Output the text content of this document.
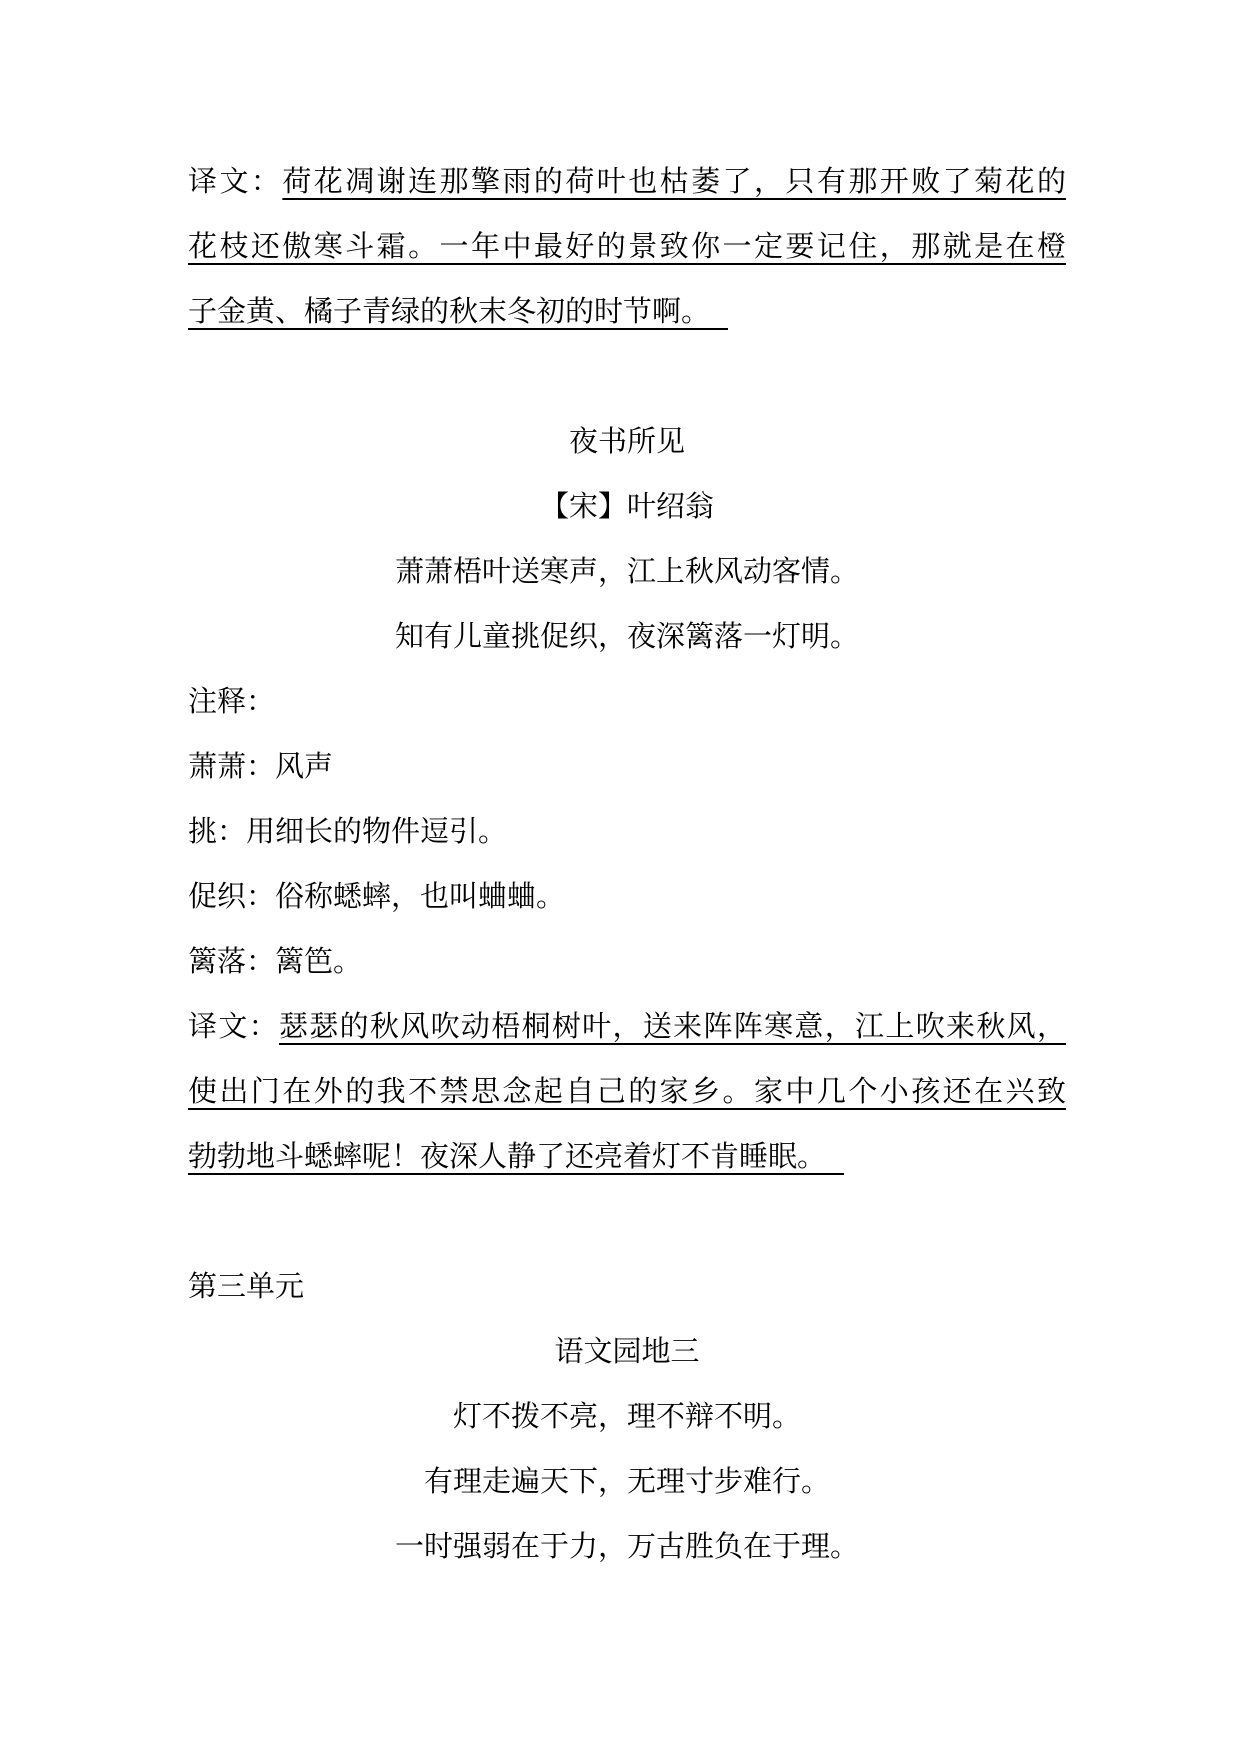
译文：荷花凋谢连那擎雨的荷叶也枯萎了，只有那开败了菊花的
花枝还傲寒斗霜。一年中最好的景致你一定要记住，那就是在橙
子金黄、橘子青绿的秋末冬初的时节啊。
夜书所见
【宋】叶绍翁
萧萧梧叶送寒声，江上秋风动客情。
知有儿童挑促织，夜深篱落一灯明。
注释：
萧萧：风声
挑：用细长的物件逗引。
促织：俗称蟋蟀，也叫蛐蛐。
篱落：篱笆。
译文：瑟瑟的秋风吹动梧桐树叶，送来阵阵寒意，江上吹来秋风，
使出门在外的我不禁思念起自己的家乡。家中几个小孩还在兴致
勃勃地斗蟋蟀呢！夜深人静了还亮着灯不肯睡眠。
第三单元
语文园地三
灯不拨不亮，理不辩不明。
有理走遍天下，无理寸步难行。
一时强弱在于力，万古胜负在于理。
